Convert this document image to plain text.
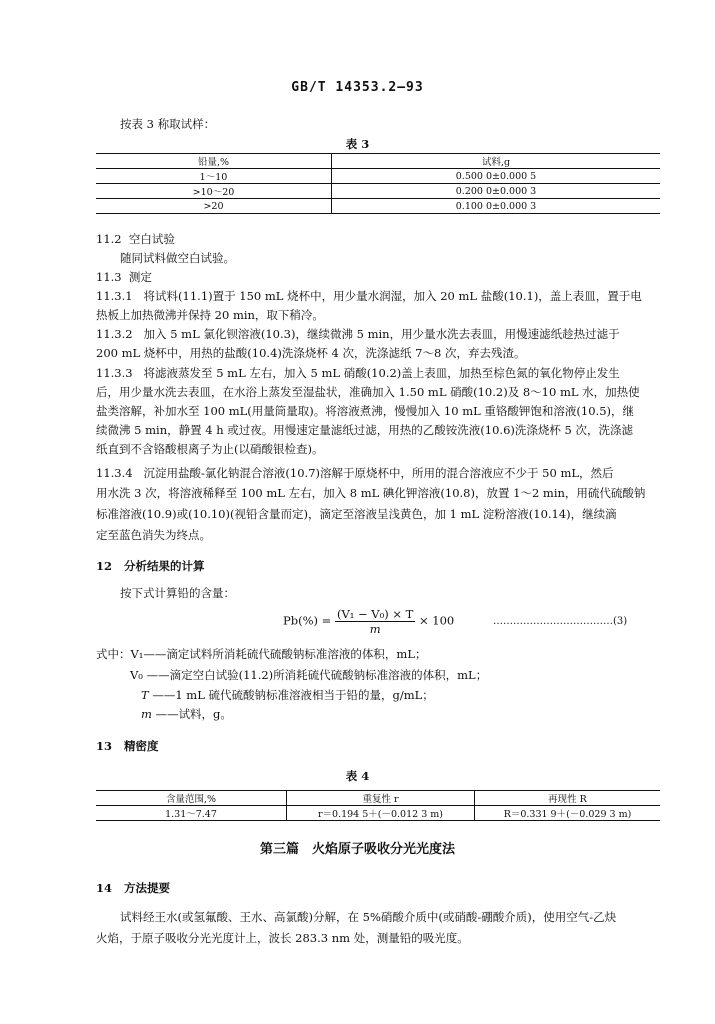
GB/T 14353.2—93
按表 3 称取试样：
表 3
铅量,%	试料,g
1～10	0.500 0±0.000 5
>10～20	0.200 0±0.000 3
>20	0.100 0±0.000 3
11.2 空白试验
随同试料做空白试验。
11.3 测定
11.3.1 将试料(11.1)置于 150 mL 烧杯中，用少量水润湿，加入 20 mL 盐酸(10.1)，盖上表皿，置于电
热板上加热微沸并保持 20 min，取下稍冷。
11.3.2 加入 5 mL 氯化钡溶液(10.3)，继续微沸 5 min，用少量水洗去表皿，用慢速滤纸趁热过滤于
200 mL 烧杯中，用热的盐酸(10.4)洗涤烧杯 4 次，洗涤滤纸 7～8 次，弃去残渣。
11.3.3 将滤液蒸发至 5 mL 左右，加入 5 mL 硝酸(10.2)盖上表皿，加热至棕色氮的氧化物停止发生
后，用少量水洗去表皿，在水浴上蒸发至湿盐状，准确加入 1.50 mL 硝酸(10.2)及 8～10 mL 水，加热使
盐类溶解，补加水至 100 mL(用量筒量取)。将溶液煮沸，慢慢加入 10 mL 重铬酸钾饱和溶液(10.5)，继
续微沸 5 min，静置 4 h 或过夜。用慢速定量滤纸过滤，用热的乙酸铵洗液(10.6)洗涤烧杯 5 次，洗涤滤
纸直到不含铬酸根离子为止(以硝酸银检查)。
11.3.4 沉淀用盐酸-氯化钠混合溶液(10.7)溶解于原烧杯中，所用的混合溶液应不少于 50 mL，然后
用水洗 3 次，将溶液稀释至 100 mL 左右，加入 8 mL 碘化钾溶液(10.8)，放置 1～2 min，用硫代硫酸钠
标准溶液(10.9)或(10.10)(视铅含量而定)，滴定至溶液呈浅黄色，加 1 mL 淀粉溶液(10.14)，继续滴
定至蓝色消失为终点。
12 分析结果的计算
按下式计算铅的含量：
$Pb(\%) = \frac{\text{(V₁ − V₀) × T}}{m} \times 100$	………………………………(3)
式中：V₁——滴定试料所消耗硫代硫酸钠标准溶液的体积，mL；
V₀ ——滴定空白试验(11.2)所消耗硫代硫酸钠标准溶液的体积，mL；
T ——1 mL 硫代硫酸钠标准溶液相当于铅的量，g/mL；
m ——试料，g。
13 精密度
表 4
含量范围,%	重复性 r	再现性 R
1.31～7.47	r＝0.194 5＋(－0.012 3 m)	R＝0.331 9＋(－0.029 3 m)
第三篇　火焰原子吸收分光光度法
14 方法提要
试料经王水(或氢氟酸、王水、高氯酸)分解，在 5%硝酸介质中(或硝酸-硼酸介质)，使用空气-乙炔
火焰，于原子吸收分光光度计上，波长 283.3 nm 处，测量铅的吸光度。
